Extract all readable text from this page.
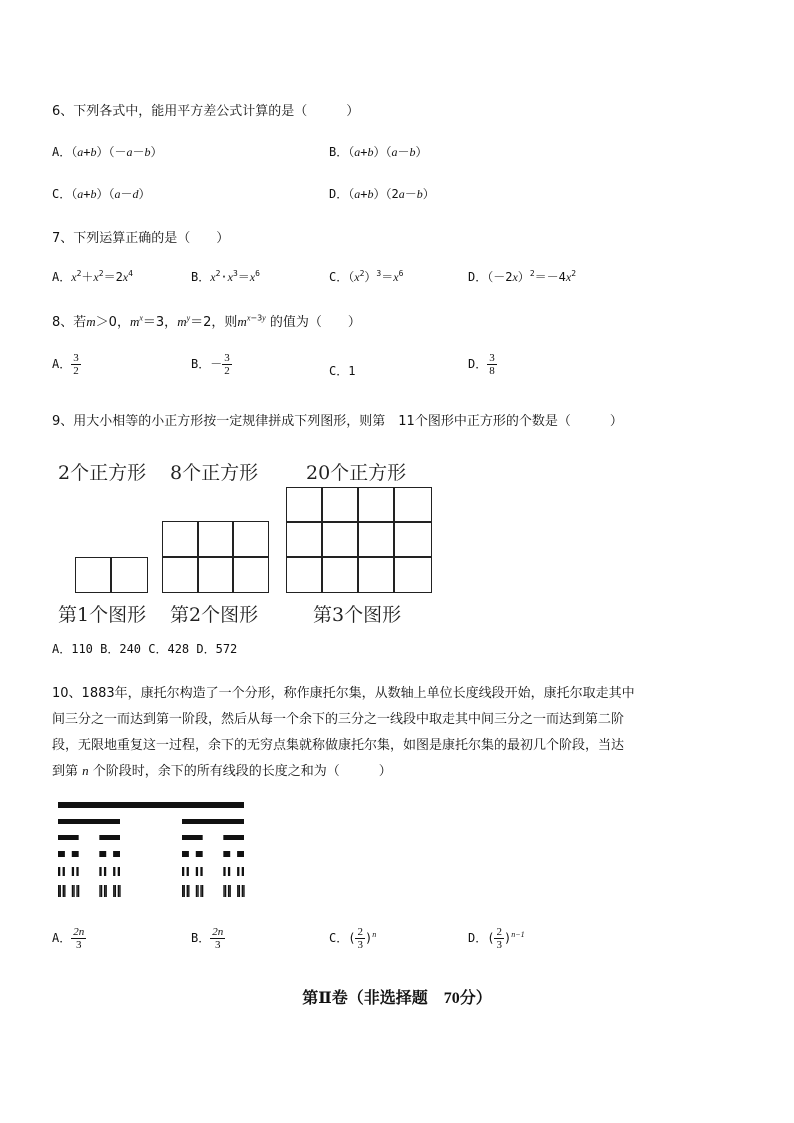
6、下列各式中，能用平方差公式计算的是（　　　）
A．（a+b）（－a－b）	B．（a+b）（a－b）
C．（a+b）（a－d）	D．（a+b）（2a－b）
7、下列运算正确的是（　　）
A．$x^2+x^2=2x^4$	B．$x^2\cdot x^3=x^6$	C．$(x^2)^3=x^6$	D．$(-2x)^2=-4x^2$
8、若m＞0，$m^x=3$，$m^y=2$，则$m^{x-3y}$ 的值为（　　）
A． $\frac{3}{2}$	B．－ $\frac{3}{2}$	C．1	D． $\frac{3}{8}$
9、用大小相等的小正方形按一定规律拼成下列图形，则第　11个图形中正方形的个数是（　　　）
2个正方形 8个正方形	20个正方形
第1个图形 第2个图形	第3个图形
A．110 B．240 C．428 D．572
10、1883年，康托尔构造了一个分形，称作康托尔集，从数轴上单位长度线段开始，康托尔取走其中
间三分之一而达到第一阶段，然后从每一个余下的三分之一线段中取走其中间三分之一而达到第二阶
段，无限地重复这一过程，余下的无穷点集就称做康托尔集，如图是康托尔集的最初几个阶段，当达
到第 n 个阶段时，余下的所有线段的长度之和为（　　　）
A． $\frac{2n}{3}$	B． $\frac{2n}{3}$	C．( $\frac{2}{3} )^n$	D．( $\frac{2}{3} )^{n-1}$
第Ⅱ卷（非选择题　70分）
